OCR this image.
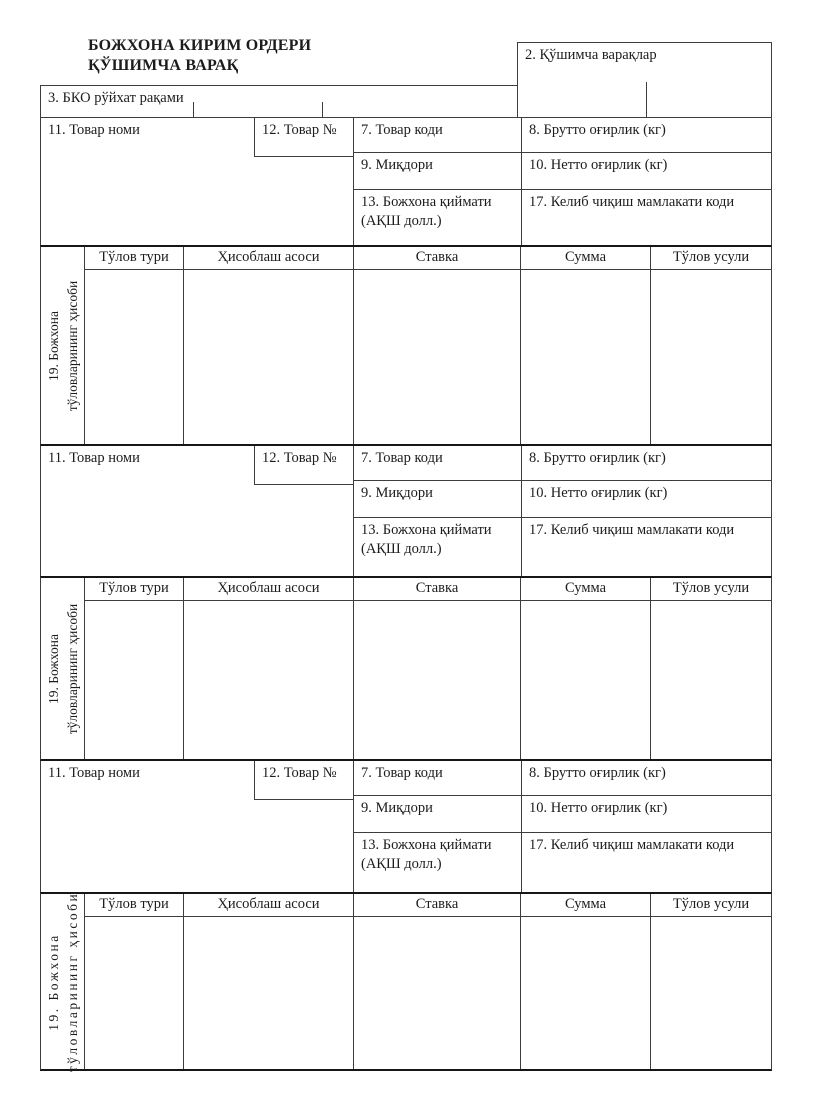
БОЖХОНА КИРИМ ОРДЕРИ
ҚЎШИМЧА ВАРАҚ
2. Қўшимча варақлар
3. БКО рўйхат рақами
11. Товар номи	12. Товар №	7. Товар коди	8. Брутто оғирлик (кг)
9. Миқдори	10. Нетто оғирлик (кг)
13. Божхона қиймати (АҚШ долл.)
17. Келиб чиқиш мамлакати коди
19. Божхона тўловларининг ҳисоби
Тўлов тури	Ҳисоблаш асоси	Ставка	Сумма	Тўлов усули
11. Товар номи	12. Товар №	7. Товар коди	8. Брутто оғирлик (кг)
9. Миқдори	10. Нетто оғирлик (кг)
13. Божхона қиймати (АҚШ долл.)
17. Келиб чиқиш мамлакати коди
19. Божхона тўловларининг ҳисоби
Тўлов тури	Ҳисоблаш асоси	Ставка	Сумма	Тўлов усули
11. Товар номи	12. Товар №	7. Товар коди	8. Брутто оғирлик (кг)
9. Миқдори	10. Нетто оғирлик (кг)
13. Божхона қиймати (АҚШ долл.)
17. Келиб чиқиш мамлакати коди
19. Божхона тўловларининг ҳисоби	Тўлов тури	Ҳисоблаш асоси	Ставка	Сумма	Тўлов усули
